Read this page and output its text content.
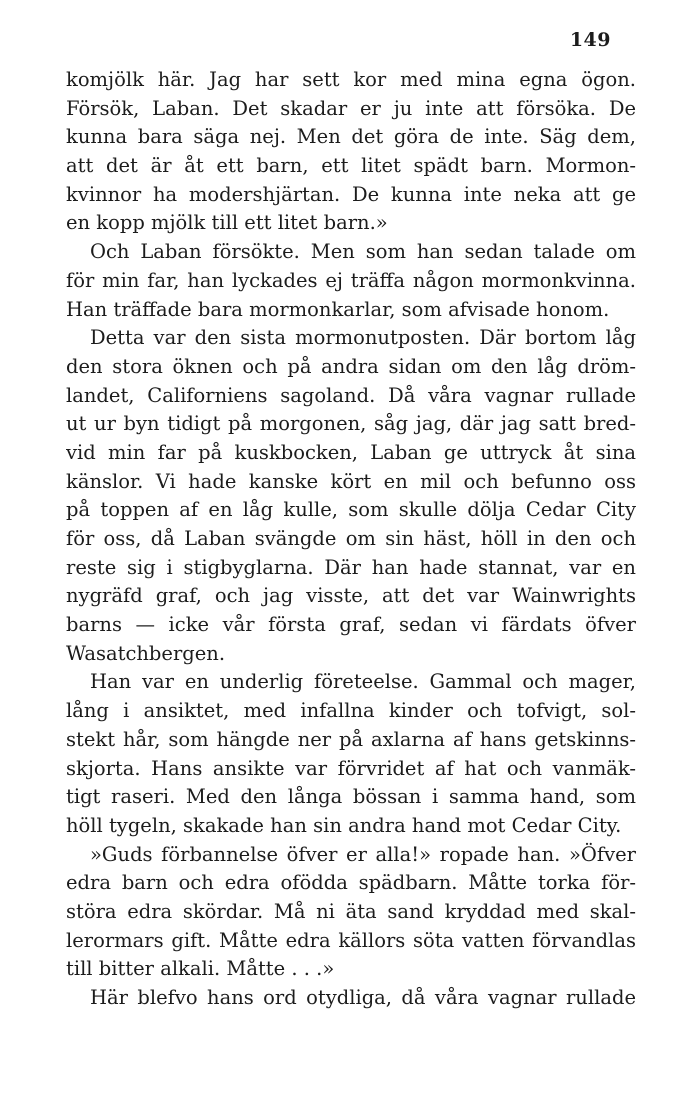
149
komjölk här. Jag har sett kor med mina egna ögon.
Försök, Laban. Det skadar er ju inte att försöka. De
kunna bara säga nej. Men det göra de inte. Säg dem,
att det är åt ett barn, ett litet spädt barn. Mormon-
kvinnor ha modershjärtan. De kunna inte neka att ge
en kopp mjölk till ett litet barn.»
Och Laban försökte. Men som han sedan talade om
för min far, han lyckades ej träffa någon mormonkvinna.
Han träffade bara mormonkarlar, som afvisade honom.
Detta var den sista mormonutposten. Där bortom låg
den stora öknen och på andra sidan om den låg dröm-
landet, Californiens sagoland. Då våra vagnar rullade
ut ur byn tidigt på morgonen, såg jag, där jag satt bred-
vid min far på kuskbocken, Laban ge uttryck åt sina
känslor. Vi hade kanske kört en mil och befunno oss
på toppen af en låg kulle, som skulle dölja Cedar City
för oss, då Laban svängde om sin häst, höll in den och
reste sig i stigbyglarna. Där han hade stannat, var en
nygräfd graf, och jag visste, att det var Wainwrights
barns — icke vår första graf, sedan vi färdats öfver
Wasatchbergen.
Han var en underlig företeelse. Gammal och mager,
lång i ansiktet, med infallna kinder och tofvigt, sol-
stekt hår, som hängde ner på axlarna af hans getskinns-
skjorta. Hans ansikte var förvridet af hat och vanmäk-
tigt raseri. Med den långa bössan i samma hand, som
höll tygeln, skakade han sin andra hand mot Cedar City.
»Guds förbannelse öfver er alla!» ropade han. »Öfver
edra barn och edra ofödda spädbarn. Måtte torka för-
störa edra skördar. Må ni äta sand kryddad med skal-
lerormars gift. Måtte edra källors söta vatten förvandlas
till bitter alkali. Måtte . . .»
Här blefvo hans ord otydliga, då våra vagnar rullade
